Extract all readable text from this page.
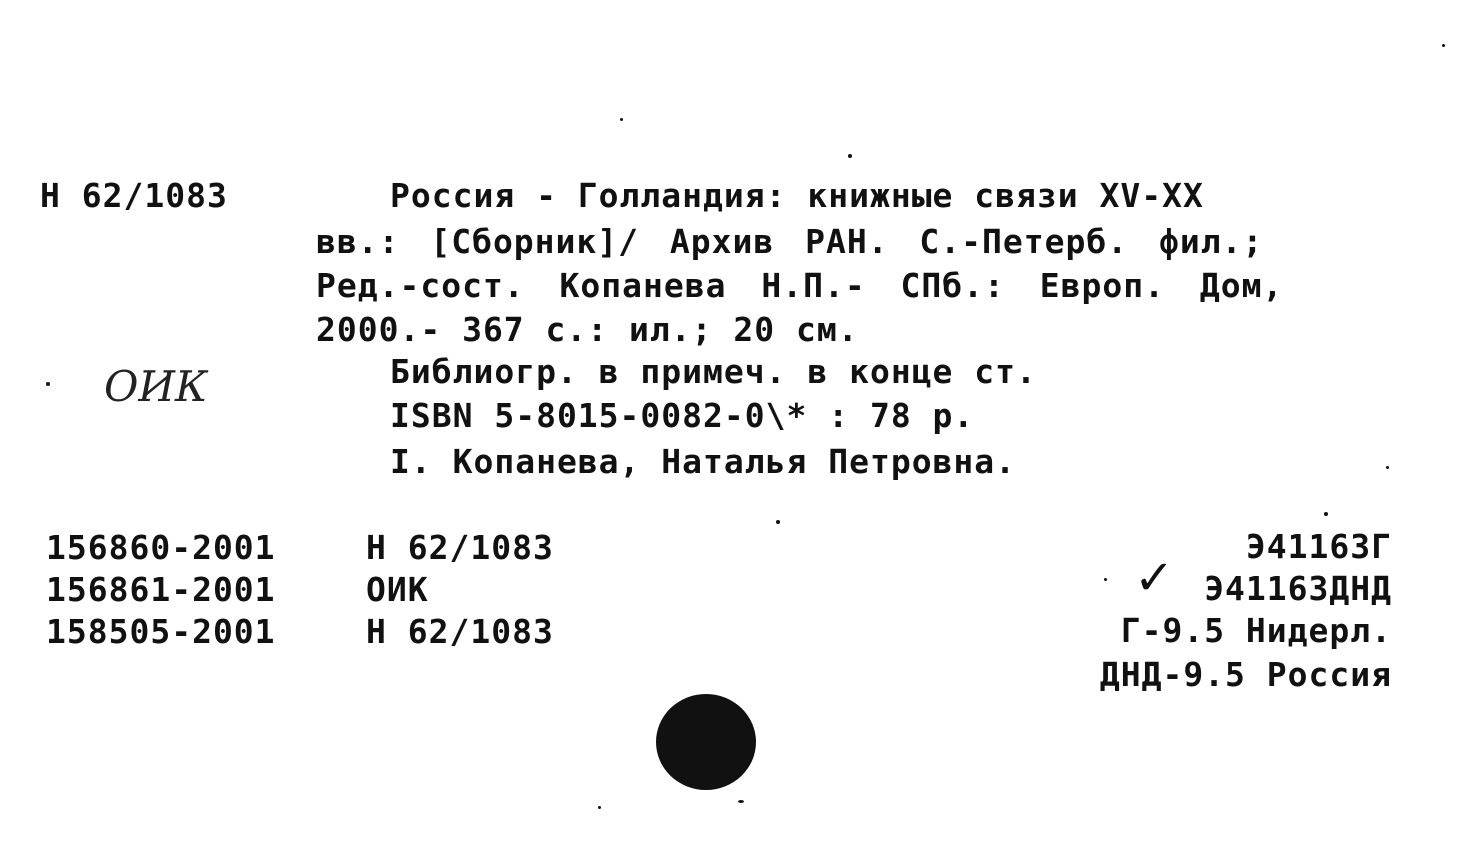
Н 62/1083	Россия - Голландия: книжные связи XV-XX
вв.: [Сборник]/ Архив РАН. С.-Петерб. фил.;
Ред.-сост. Копанева Н.П.- СПб.: Европ. Дом,
2000.- 367 с.: ил.; 20 см.
Библиогр. в примеч. в конце ст.
ISBN 5-8015-0082-0\* : 78 р.
I. Копанева, Наталья Петровна.
ОИК
156860-2001	Н 62/1083
156861-2001	ОИК
158505-2001	Н 62/1083
Э41163Г
Э41163ДНД
Г-9.5 Нидерл.
ДНД-9.5 Россия
✓
